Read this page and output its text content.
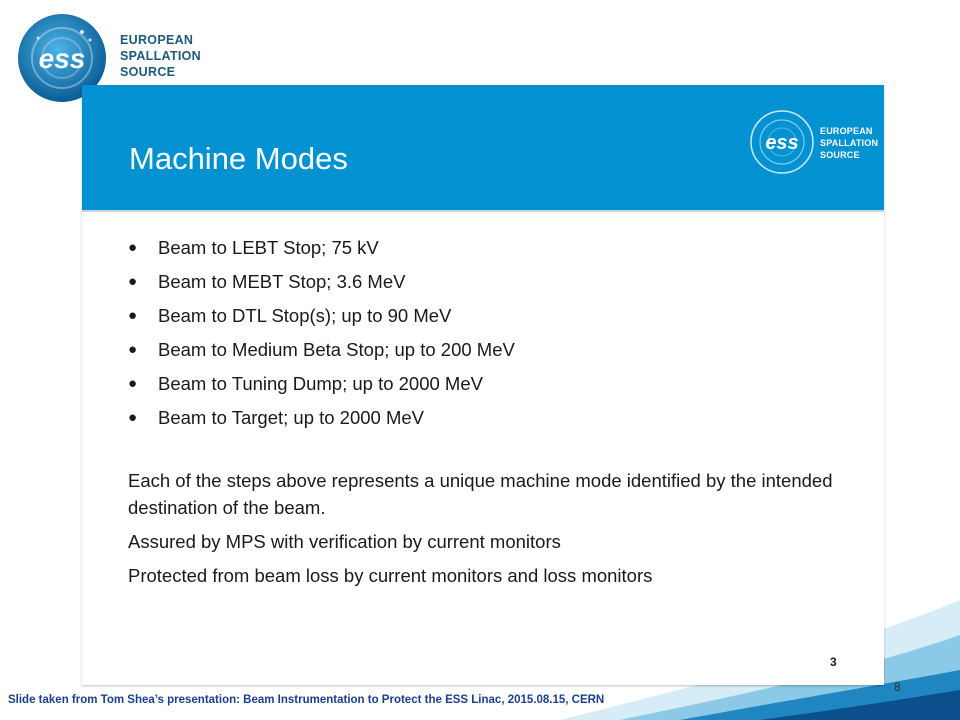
ess
EUROPEAN
SPALLATION
SOURCE
Machine Modes	ess
EUROPEAN
SPALLATION
SOURCE
● Beam to LEBT Stop; 75 kV
● Beam to MEBT Stop; 3.6 MeV
● Beam to DTL Stop(s); up to 90 MeV
● Beam to Medium Beta Stop; up to 200 MeV
● Beam to Tuning Dump; up to 2000 MeV
● Beam to Target; up to 2000 MeV

Each of the steps above represents a unique machine mode identified by the intended destination of the beam.

Assured by MPS with verification by current monitors

Protected from beam loss by current monitors and loss monitors

3
8
Slide taken from Tom Shea’s presentation: Beam Instrumentation to Protect the ESS Linac, 2015.08.15, CERN
